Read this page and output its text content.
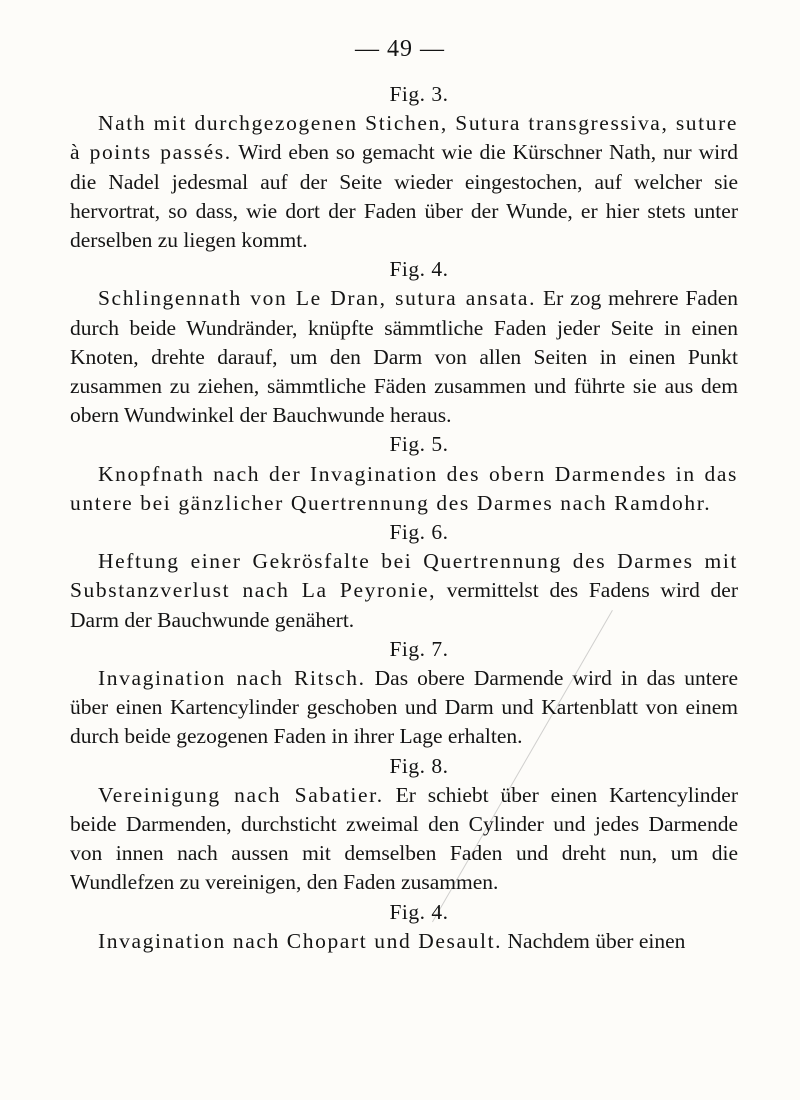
— 49 —

Fig. 3.

Nath mit durchgezogenen Stichen, Sutura transgressiva, suture à points passés. Wird eben so gemacht wie die Kürschner Nath, nur wird die Nadel jedesmal auf der Seite wieder eingestochen, auf welcher sie hervortrat, so dass, wie dort der Faden über der Wunde, er hier stets unter derselben zu liegen kommt.

Fig. 4.

Schlingennath von Le Dran, sutura ansata. Er zog mehrere Faden durch beide Wundränder, knüpfte sämmtliche Faden jeder Seite in einen Knoten, drehte darauf, um den Darm von allen Seiten in einen Punkt zusammen zu ziehen, sämmtliche Fäden zusammen und führte sie aus dem obern Wundwinkel der Bauchwunde heraus.

Fig. 5.

Knopfnath nach der Invagination des obern Darmendes in das untere bei gänzlicher Quertrennung des Darmes nach Ramdohr.

Fig. 6.

Heftung einer Gekrösfalte bei Quertrennung des Darmes mit Substanzverlust nach La Peyronie, vermittelst des Fadens wird der Darm der Bauchwunde genähert.

Fig. 7.

Invagination nach Ritsch. Das obere Darmende wird in das untere über einen Kartencylinder geschoben und Darm und Kartenblatt von einem durch beide gezogenen Faden in ihrer Lage erhalten.

Fig. 8.

Vereinigung nach Sabatier. Er schiebt über einen Kartencylinder beide Darmenden, durchsticht zweimal den Cylinder und jedes Darmende von innen nach aussen mit demselben Faden und dreht nun, um die Wundlefzen zu vereinigen, den Faden zusammen.

Fig. 4.

Invagination nach Chopart und Desault. Nachdem über einen
